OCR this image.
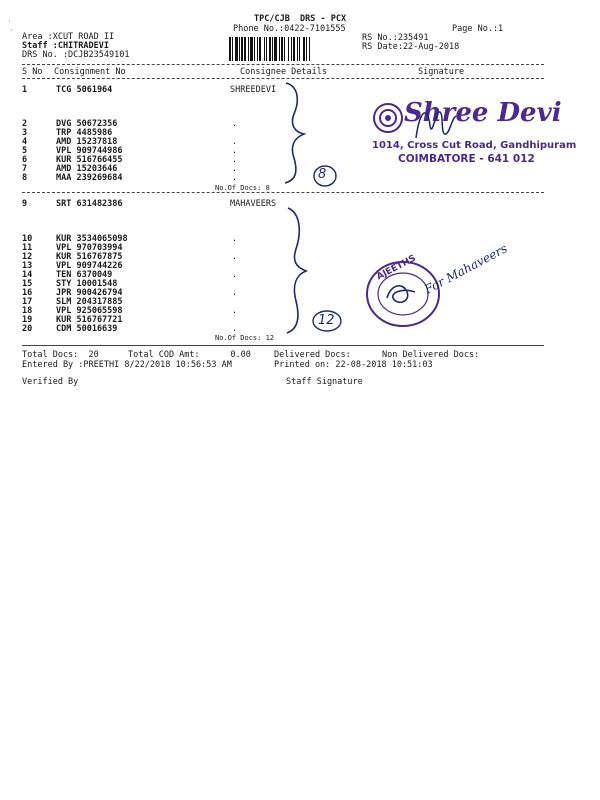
·
·
TPC/CJB  DRS - PCX
Phone No.:0422-7101555	Page No.:1
Area :XCUT ROAD II
Staff :CHITRADEVI
DRS No. :DCJB23549101
RS No.:235491
RS Date:22-Aug-2018
S No Consignment No	Consignee Details	Signature
1	TCG 5061964	SHREEDEVI
2	DVG 50672356
3	TRP 4485986
4	AMD 15237818
5	VPL 909744986
6	KUR 516766455
7	AMD 15203646
8	MAA 239269684
.
.
.
.
.
.
No.Of Docs: 8
9	SRT 631482386	MAHAVEERS
10	KUR 3534065098
11	VPL 970703994
12	KUR 516767875
13	VPL 909744226
14	TEN 6370049
15	STY 10001548
16	JPR 900426794
17	SLM 204317885
18	VPL 925065598
19	KUR 516767721
20	CDM 50016639
.
.
.
.
.
.
No.Of Docs: 12
Total Docs:  20	Total COD Amt:      0.00	Delivered Docs:	Non Delivered Docs:
Entered By :PREETHI 8/22/2018 10:56:53 AM	Printed on: 22-08-2018 10:51:03
Verified By	Staff Signature
8
12
Shree Devi
1014, Cross Cut Road, Gandhipuram
COIMBATORE - 641 012
AJEETHS For Mahaveers
